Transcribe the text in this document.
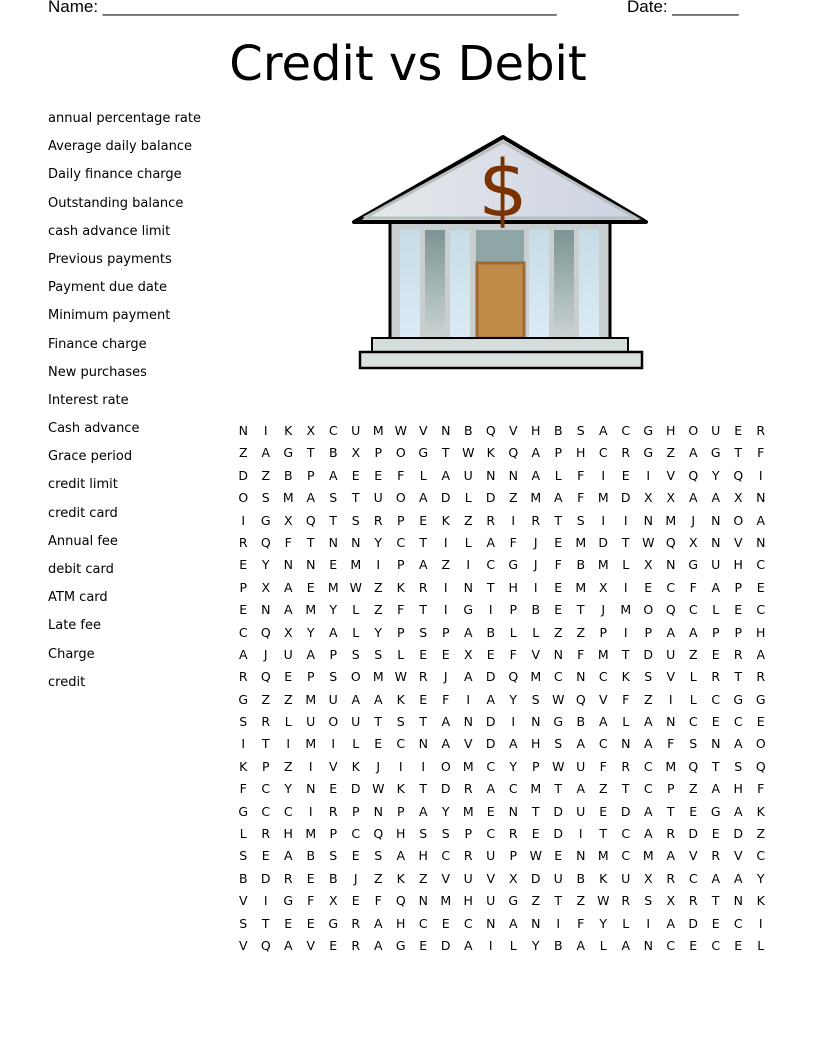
Name: ________________________________________________	Date: _______
Credit vs Debit
annual percentage rate
Average daily balance
Daily finance charge
Outstanding balance
cash advance limit
Previous payments
Payment due date
Minimum payment
Finance charge
New purchases
Interest rate
Cash advance
Grace period
credit limit
credit card
Annual fee
debit card
ATM card
Late fee
Charge
credit
$
N	I	K	X	C	U	M W V	N	B	Q	V	H	B	S	A	C	G	H	O	U	E	R
Z	A	G	T	B	X	P	O	G	T	W K	Q	A	P	H	C	R	G	Z	A	G	T	F
D	Z	B	P	A	E	E	F	L	A	U	N	N	A	L	F	I	E	I	V	Q	Y	Q	I
O	S	M	A	S	T	U	O	A	D	L	D	Z	M	A	F	M D	X	X	A	A	X	N
I	G	X	Q	T	S	R	P	E	K	Z	R	I	R	T	S	I	I	N M	J	N	O	A
R	Q	F	T	N	N	Y	C	T	I	L	A	F	J	E	M D	T	W Q	X	N	V	N
E	Y	N	N	E	M	I	P	A	Z	I	C	G	J	F	B	M	L	X	N	G	U	H	C
P	X	A	E	M W Z	K	R	I	N	T	H	I	E	M	X	I	E	C	F	A	P	E
E	N	A	M	Y	L	Z	F	T	I	G	I	P	B	E	T	J	M O	Q	C	L	E	C
C	Q	X	Y	A	L	Y	P	S	P	A	B	L	L	Z	Z	P	I	P	A	A	P	P	H
A	J	U	A	P	S	S	L	E	E	X	E	F	V	N	F	M	T	D	U	Z	E	R	A
R	Q	E	P	S	O M W R	J	A	D	Q M	C	N	C	K	S	V	L	R	T	R
G	Z	Z	M	U	A	A	K	E	F	I	A	Y	S W Q	V	F	Z	I	L	C	G	G
S	R	L	U	O	U	T	S	T	A	N	D	I	N	G	B	A	L	A	N	C	E	C	E
I	T	I	M	I	L	E	C	N	A	V	D	A	H	S	A	C	N	A	F	S	N	A	O
K	P	Z	I	V	K	J	I	I	O M	C	Y	P	W U	F	R	C	M Q	T	S	Q
F	C	Y	N	E	D W K	T	D	R	A	C	M	T	A	Z	T	C	P	Z	A	H	F
G	C	C	I	R	P	N	P	A	Y	M	E	N	T	D	U	E	D	A	T	E	G	A	K
L	R	H M	P	C	Q	H	S	S	P	C	R	E	D	I	T	C	A	R	D	E	D	Z
S	E	A	B	S	E	S	A	H	C	R	U	P	W E	N M	C	M	A	V	R	V	C
B	D	R	E	B	J	Z	K	Z	V	U	V	X	D	U	B	K	U	X	R	C	A	A	Y
V	I	G	F	X	E	F	Q	N M H	U	G	Z	T	Z W R	S	X	R	T	N	K
S	T	E	E	G	R	A	H	C	E	C	N	A	N	I	F	Y	L	I	A	D	E	C	I
V	Q	A	V	E	R	A	G	E	D	A	I	L	Y	B	A	L	A	N	C	E	C	E	L
